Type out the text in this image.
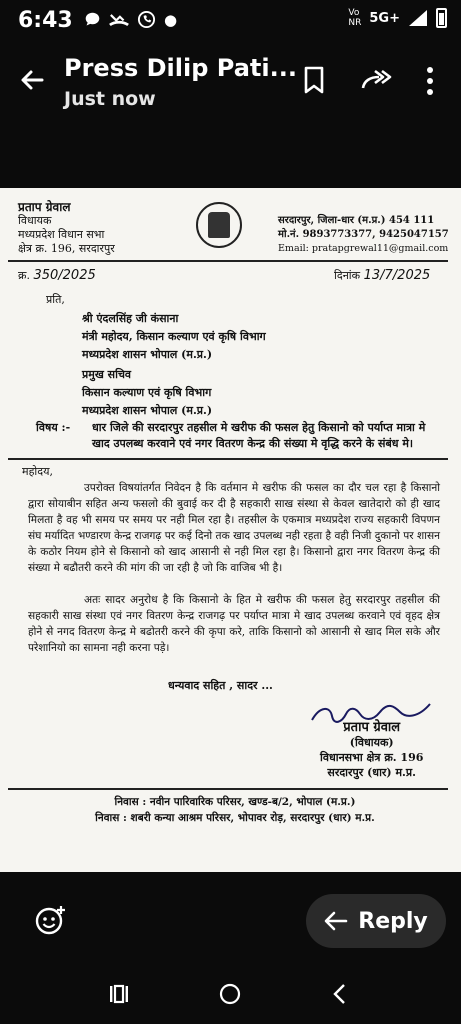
6:43	●	Vo
NR 5G+
Press Dilip Pati...
Just now
प्रताप ग्रेवाल
विधायक
मध्यप्रदेश विधान सभा
क्षेत्र क्र. 196, सरदारपुर
सरदारपुर, जिला-धार (म.प्र.) 454 111
मो.नं. 9893773377, 9425047157
Email: pratapgrewal11@gmail.com
क्र. 350/2025	दिनांक 13/7/2025
प्रति,
श्री एंदलसिंह जी कंसाना
मंत्री महोदय, किसान कल्याण एवं कृषि विभाग
मध्यप्रदेश शासन भोपाल (म.प्र.)
प्रमुख सचिव
किसान कल्याण एवं कृषि विभाग
मध्यप्रदेश शासन भोपाल (म.प्र.)
विषय :- धार जिले की सरदारपुर तहसील मे खरीफ की फसल हेतु किसानो को पर्याप्त मात्रा मे खाद उपलब्ध करवाने एवं नगर वितरण केन्द्र की संख्या मे वृद्धि करने के संबंध मे।
महोदय,
उपरोक्त विषयांतर्गत निवेदन है कि वर्तमान मे खरीफ की फसल का दौर चल रहा है किसानो द्वारा सोयाबीन सहित अन्य फसलो की बुवाई कर दी है सहकारी साख संस्था से केवल खातेदारो को ही खाद मिलता है वह भी समय पर समय पर नही मिल रहा है। तहसील के एकमात्र मध्यप्रदेश राज्य सहकारी विपणन संघ मर्यादित भण्डारण केन्द्र राजगढ़ पर कई दिनो तक खाद उपलब्ध नही रहता है वही निजी दुकानो पर शासन के कठोर नियम होने से किसानो को खाद आसानी से नही मिल रहा है। किसानो द्वारा नगर वितरण केन्द्र की संख्या मे बढौतरी करने की मांग की जा रही है जो कि वाजिब भी है।
अतः सादर अनुरोध है कि किसानो के हित मे खरीफ की फसल हेतु सरदारपुर तहसील की सहकारी साख संस्था एवं नगर वितरण केन्द्र राजगढ़ पर पर्याप्त मात्रा मे खाद उपलब्ध करवाने एवं वृहद क्षेत्र होने से नगद वितरण केन्द्र मे बढोतरी करने की कृपा करे, ताकि किसानो को आसानी से खाद मिल सके और परेशानियो का सामना नही करना पड़े।
धन्यवाद सहित , सादर ...
प्रताप ग्रेवाल
(विधायक)
विधानसभा क्षेत्र क्र. 196
सरदारपुर (धार) म.प्र.
निवास : नवीन पारिवारिक परिसर, खण्ड-ब/2, भोपाल (म.प्र.)
निवास : शबरी कन्या आश्रम परिसर, भोपावर रोड़, सरदारपुर (धार) म.प्र.
Reply
